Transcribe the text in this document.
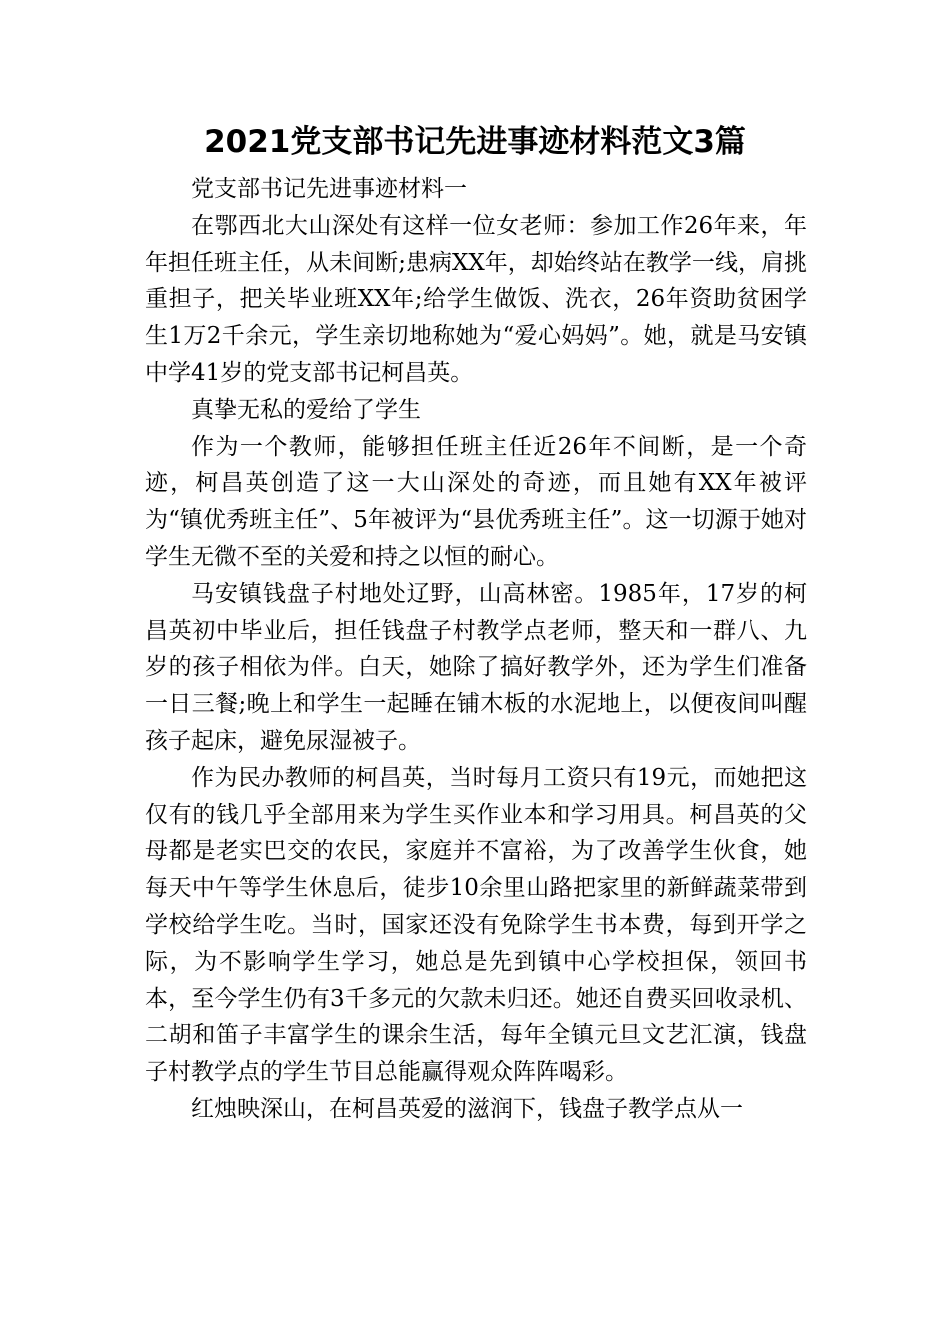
2021党支部书记先进事迹材料范文3篇

党支部书记先进事迹材料一

在鄂西北大山深处有这样一位女老师：参加工作26年来，年年担任班主任，从未间断;患病XX年，却始终站在教学一线，肩挑重担子，把关毕业班XX年;给学生做饭、洗衣，26年资助贫困学生1万2千余元，学生亲切地称她为“爱心妈妈”。她，就是马安镇中学41岁的党支部书记柯昌英。

真挚无私的爱给了学生

作为一个教师，能够担任班主任近26年不间断，是一个奇迹，柯昌英创造了这一大山深处的奇迹，而且她有XX年被评为“镇优秀班主任”、5年被评为“县优秀班主任”。这一切源于她对学生无微不至的关爱和持之以恒的耐心。

马安镇钱盘子村地处辽野，山高林密。1985年，17岁的柯昌英初中毕业后，担任钱盘子村教学点老师，整天和一群八、九岁的孩子相依为伴。白天，她除了搞好教学外，还为学生们准备一日三餐;晚上和学生一起睡在铺木板的水泥地上，以便夜间叫醒孩子起床，避免尿湿被子。

作为民办教师的柯昌英，当时每月工资只有19元，而她把这仅有的钱几乎全部用来为学生买作业本和学习用具。柯昌英的父母都是老实巴交的农民，家庭并不富裕，为了改善学生伙食，她每天中午等学生休息后，徒步10余里山路把家里的新鲜蔬菜带到学校给学生吃。当时，国家还没有免除学生书本费，每到开学之际，为不影响学生学习，她总是先到镇中心学校担保，领回书本，至今学生仍有3千多元的欠款未归还。她还自费买回收录机、二胡和笛子丰富学生的课余生活，每年全镇元旦文艺汇演，钱盘子村教学点的学生节目总能赢得观众阵阵喝彩。

红烛映深山，在柯昌英爱的滋润下，钱盘子教学点从一
